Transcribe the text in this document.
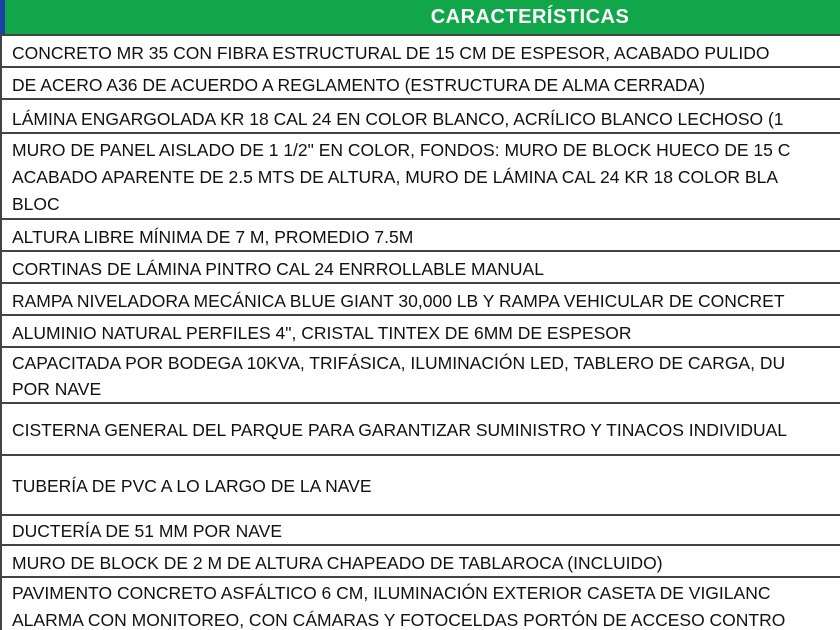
CARACTERÍSTICAS
CONCRETO MR 35 CON FIBRA ESTRUCTURAL DE 15 CM DE ESPESOR, ACABADO PULIDO
DE ACERO A36 DE ACUERDO A REGLAMENTO (ESTRUCTURA DE ALMA CERRADA)
LÁMINA ENGARGOLADA KR 18 CAL 24 EN COLOR BLANCO, ACRÍLICO BLANCO LECHOSO (1
MURO DE PANEL AISLADO DE 1 1/2" EN COLOR, FONDOS: MURO DE BLOCK HUECO DE 15 C
ACABADO APARENTE DE 2.5 MTS DE ALTURA, MURO DE LÁMINA CAL 24 KR 18 COLOR BLA
BLOC
ALTURA LIBRE MÍNIMA DE 7 M, PROMEDIO 7.5M
CORTINAS DE LÁMINA PINTRO CAL 24 ENRROLLABLE MANUAL
RAMPA NIVELADORA MECÁNICA BLUE GIANT 30,000 LB Y RAMPA VEHICULAR DE CONCRET
ALUMINIO NATURAL PERFILES 4", CRISTAL TINTEX DE 6MM DE ESPESOR
CAPACITADA POR BODEGA 10KVA, TRIFÁSICA, ILUMINACIÓN LED, TABLERO DE CARGA, DU
POR NAVE
CISTERNA GENERAL DEL PARQUE PARA GARANTIZAR SUMINISTRO Y TINACOS INDIVIDUAL
TUBERÍA DE PVC A LO LARGO DE LA NAVE
DUCTERÍA DE 51 MM POR NAVE
MURO DE BLOCK DE 2 M DE ALTURA CHAPEADO DE TABLAROCA (INCLUIDO)
PAVIMENTO CONCRETO ASFÁLTICO 6 CM, ILUMINACIÓN EXTERIOR CASETA DE VIGILANC
ALARMA CON MONITOREO, CON CÁMARAS Y FOTOCELDAS PORTÓN DE ACCESO CONTRO
